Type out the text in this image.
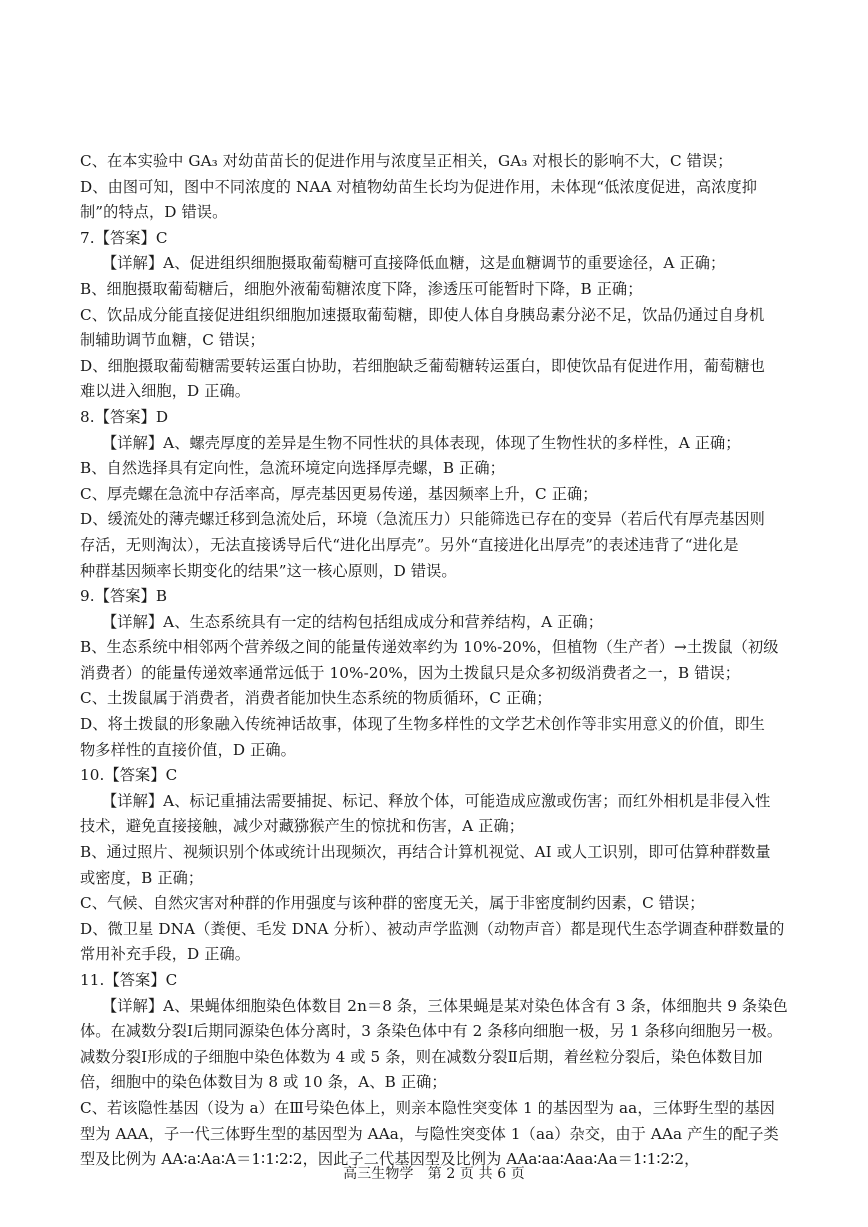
C、在本实验中 GA₃ 对幼苗苗长的促进作用与浓度呈正相关，GA₃ 对根长的影响不大，C 错误；
D、由图可知，图中不同浓度的 NAA 对植物幼苗生长均为促进作用，未体现“低浓度促进，高浓度抑
制”的特点，D 错误。
7.【答案】C
【详解】A、促进组织细胞摄取葡萄糖可直接降低血糖，这是血糖调节的重要途径，A 正确；
B、细胞摄取葡萄糖后，细胞外液葡萄糖浓度下降，渗透压可能暂时下降，B 正确；
C、饮品成分能直接促进组织细胞加速摄取葡萄糖，即使人体自身胰岛素分泌不足，饮品仍通过自身机
制辅助调节血糖，C 错误；
D、细胞摄取葡萄糖需要转运蛋白协助，若细胞缺乏葡萄糖转运蛋白，即使饮品有促进作用，葡萄糖也
难以进入细胞，D 正确。
8.【答案】D
【详解】A、螺壳厚度的差异是生物不同性状的具体表现，体现了生物性状的多样性，A 正确；
B、自然选择具有定向性，急流环境定向选择厚壳螺，B 正确；
C、厚壳螺在急流中存活率高，厚壳基因更易传递，基因频率上升，C 正确；
D、缓流处的薄壳螺迁移到急流处后，环境（急流压力）只能筛选已存在的变异（若后代有厚壳基因则
存活，无则淘汰），无法直接诱导后代“进化出厚壳”。另外“直接进化出厚壳”的表述违背了“进化是
种群基因频率长期变化的结果”这一核心原则，D 错误。
9.【答案】B
【详解】A、生态系统具有一定的结构包括组成成分和营养结构，A 正确；
B、生态系统中相邻两个营养级之间的能量传递效率约为 10%-20%，但植物（生产者）→土拨鼠（初级
消费者）的能量传递效率通常远低于 10%-20%，因为土拨鼠只是众多初级消费者之一，B 错误；
C、土拨鼠属于消费者，消费者能加快生态系统的物质循环，C 正确；
D、将土拨鼠的形象融入传统神话故事，体现了生物多样性的文学艺术创作等非实用意义的价值，即生
物多样性的直接价值，D 正确。
10.【答案】C
【详解】A、标记重捕法需要捕捉、标记、释放个体，可能造成应激或伤害；而红外相机是非侵入性
技术，避免直接接触，减少对藏猕猴产生的惊扰和伤害，A 正确；
B、通过照片、视频识别个体或统计出现频次，再结合计算机视觉、AI 或人工识别，即可估算种群数量
或密度，B 正确；
C、气候、自然灾害对种群的作用强度与该种群的密度无关，属于非密度制约因素，C 错误；
D、微卫星 DNA（粪便、毛发 DNA 分析）、被动声学监测（动物声音）都是现代生态学调查种群数量的
常用补充手段，D 正确。
11.【答案】C
【详解】A、果蝇体细胞染色体数目 2n＝8 条，三体果蝇是某对染色体含有 3 条，体细胞共 9 条染色
体。在减数分裂Ⅰ后期同源染色体分离时，3 条染色体中有 2 条移向细胞一极，另 1 条移向细胞另一极。
减数分裂Ⅰ形成的子细胞中染色体数为 4 或 5 条，则在减数分裂Ⅱ后期，着丝粒分裂后，染色体数目加
倍，细胞中的染色体数目为 8 或 10 条，A、B 正确；
C、若该隐性基因（设为 a）在Ⅲ号染色体上，则亲本隐性突变体 1 的基因型为 aa，三体野生型的基因
型为 AAA，子一代三体野生型的基因型为 AAa，与隐性突变体 1（aa）杂交，由于 AAa 产生的配子类
型及比例为 AA∶a∶Aa∶A＝1∶1∶2∶2，因此子二代基因型及比例为 AAa∶aa∶Aaa∶Aa＝1∶1∶2∶2，
高三生物学　第 2 页 共 6 页
